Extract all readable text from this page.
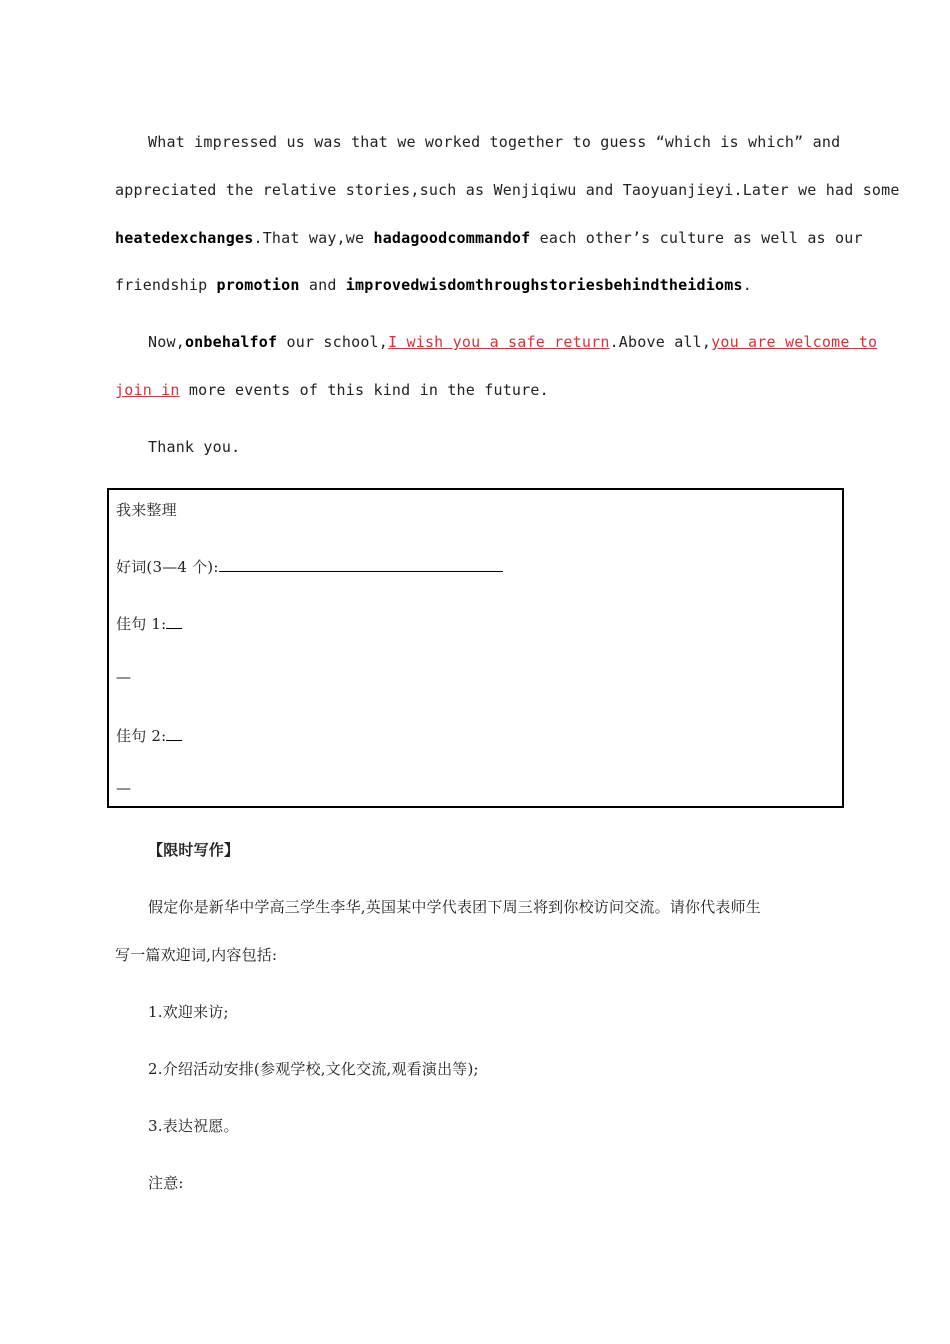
What impressed us was that we worked together to guess “which is which” and
appreciated the relative stories,such as Wenjiqiwu and Taoyuanjieyi.Later we had some
heatedexchanges.That way,we hadagoodcommandof each other’s culture as well as our
friendship promotion and improvedwisdomthroughstoriesbehindtheidioms.
Now,onbehalfof our school,I wish you a safe return.Above all,you are welcome to
join in more events of this kind in the future.
Thank you.
我来整理
好词(3—4 个):
佳句 1:
—
佳句 2:
—
【限时写作】
假定你是新华中学高三学生李华,英国某中学代表团下周三将到你校访问交流。请你代表师生
写一篇欢迎词,内容包括:
1.欢迎来访;
2.介绍活动安排(参观学校,文化交流,观看演出等);
3.表达祝愿。
注意:
